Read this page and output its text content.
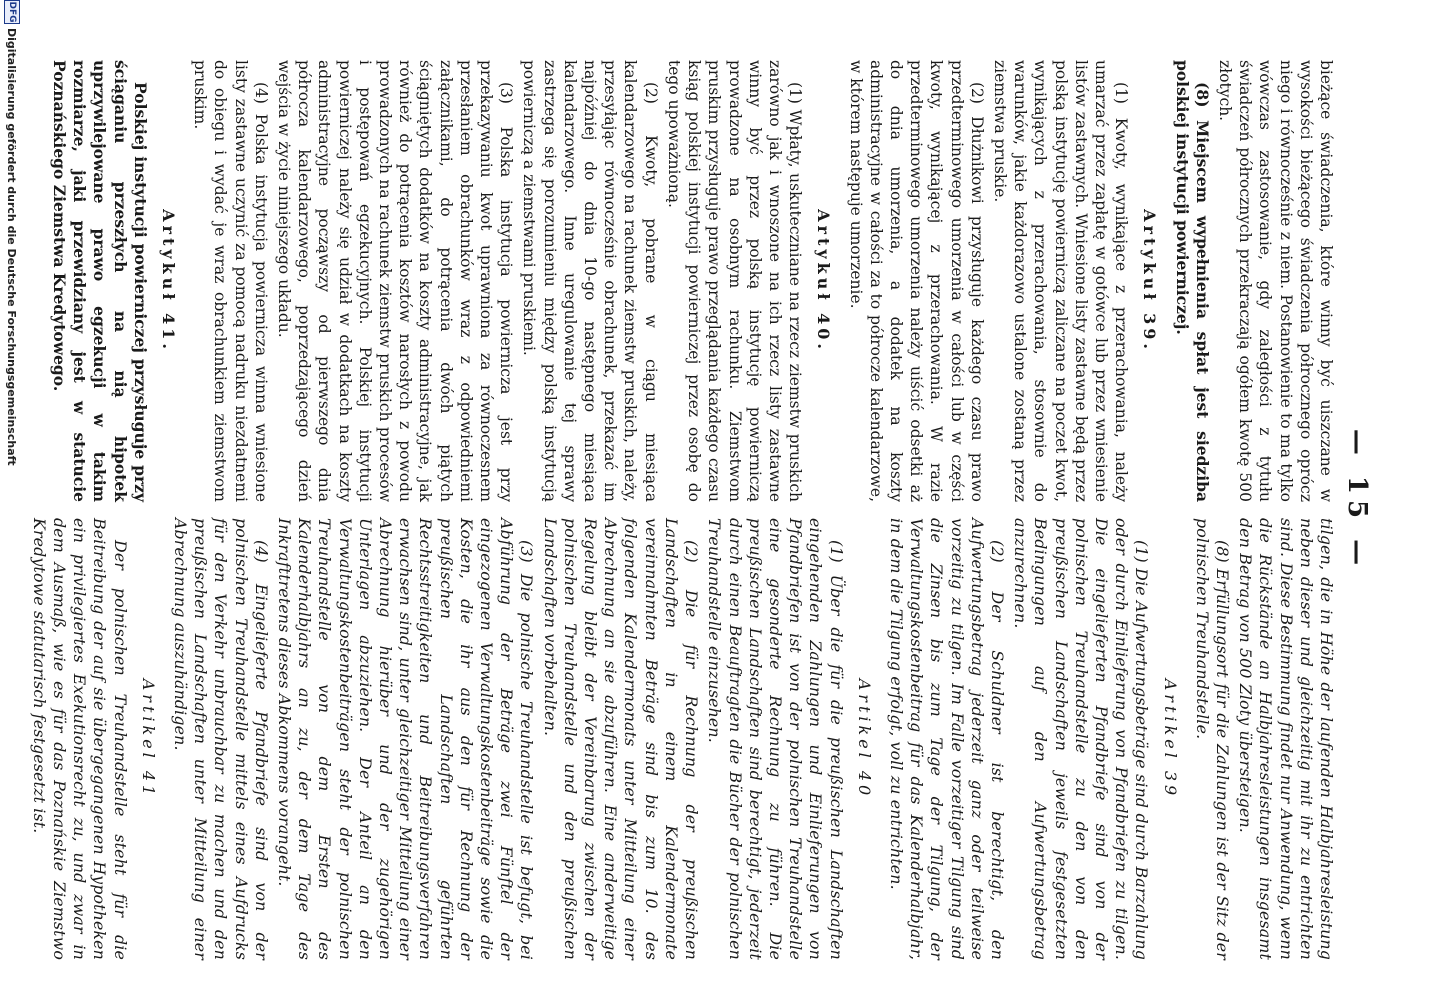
— 15 —

bieżące świadczenia, które winny być uiszczane w wysokości bieżącego świadczenia półrocznego oprócz niego i równocześnie z niem. Postanowienie to ma tylko wówczas zastosowanie, gdy zaległości z tytułu świadczeń półrocznych przekraczają ogółem kwotę 500 złotych.

(8) Miejscem wypełnienia spłat jest siedziba polskiej instytucji powierniczej.

Artykuł 39.

(1) Kwoty, wynikające z przerachowania, należy umarzać przez zapłatę w gotówce lub przez wniesienie listów zastawnych. Wniesione listy zastawne będą przez polską instytucję powierniczą zaliczane na poczet kwot, wynikających z przerachowania, stosownie do warunków, jakie każdorazowo ustalone zostaną przez ziemstwa pruskie.

(2) Dłużnikowi przysługuje każdego czasu prawo przedterminowego umorzenia w całości lub w części kwoty, wynikającej z przerachowania. W razie przedterminowego umorzenia należy uiścić odsetki aż do dnia umorzenia, a dodatek na koszty administracyjne w całości za to półrocze kalendarzowe, w którem następuje umorzenie.

Artykuł 40.

(1) Wpłaty, uskuteczniane na rzecz ziemstw pruskich zarówno jak i wnoszone na ich rzecz listy zastawne winny być przez polską instytucję powierniczą prowadzone na osobnym rachunku. Ziemstwom pruskim przysługuje prawo przeglądania każdego czasu ksiąg polskiej instytucji powierniczej przez osobę do tego upoważnioną.

(2) Kwoty, pobrane w ciągu miesiąca kalendarzowego na rachunek ziemstw pruskich, należy, przesyłając równocześnie obrachunek, przekazać im najpóźniej do dnia 10-go następnego miesiąca kalendarzowego. Inne uregulowanie tej sprawy zastrzega się porozumieniu między polską instytucją powierniczą a ziemstwami pruskiemi.

(3) Polska instytucja powiernicza jest przy przekazywaniu kwot uprawniona za równoczesnem przesłaniem obrachunków wraz z odpowiedniemi załącznikami, do potrącenia dwóch piątych ściągniętych dodatków na koszty administracyjne, jak również do potrącenia kosztów narosłych z powodu prowadzonych na rachunek ziemstw pruskich procesów i postępowań egzekucyjnych. Polskiej instytucji powierniczej należy się udział w dodatkach na koszty administracyjne począwszy od pierwszego dnia półrocza kalendarzowego, poprzedzającego dzień wejścia w życie niniejszego układu.

(4) Polska instytucja powiernicza winna wniesione listy zastawne uczynić za pomocą nadruku niezdatnemi do obiegu i wydać je wraz obrachunkiem ziemstwom pruskim.

Artykuł 41.

Polskiej instytucji powierniczej przysługuje przy ściąganiu przeszłych na nią hipotek uprzywilejowane prawo egzekucji w takim rozmiarze, jaki przewidziany jest w statucie Poznańskiego Ziemstwa Kredytowego.

tilgen, die in Höhe der laufenden Halbjahresleistung neben dieser und gleichzeitig mit ihr zu entrichten sind. Diese Bestimmung findet nur Anwendung, wenn die Rückstände an Halbjahresleistungen insgesamt den Betrag von 500 Zloty übersteigen.

(8) Erfüllungsort für die Zahlungen ist der Sitz der polnischen Treuhandstelle.

Artikel 39

(1) Die Aufwertungsbeträge sind durch Barzahlung oder durch Einlieferung von Pfandbriefen zu tilgen. Die eingelieferten Pfandbriefe sind von der polnischen Treuhandstelle zu den von den preußischen Landschaften jeweils festgesetzten Bedingungen auf den Aufwertungsbetrag anzurechnen.

(2) Der Schuldner ist berechtigt, den Aufwertungsbetrag jederzeit ganz oder teilweise vorzeitig zu tilgen. Im Falle vorzeitiger Tilgung sind die Zinsen bis zum Tage der Tilgung, der Verwaltungskostenbeitrag für das Kalenderhalbjahr, in dem die Tilgung erfolgt, voll zu entrichten.

Artikel 40

(1) Über die für die preußischen Landschaften eingehenden Zahlungen und Einlieferungen von Pfandbriefen ist von der polnischen Treuhandstelle eine gesonderte Rechnung zu führen. Die preußischen Landschaften sind berechtigt, jederzeit durch einen Beauftragten die Bücher der polnischen Treuhandstelle einzusehen.

(2) Die für Rechnung der preußischen Landschaften in einem Kalendermonate vereinnahmten Beträge sind bis zum 10. des folgenden Kalendermonats unter Mitteilung einer Abrechnung an sie abzuführen. Eine anderweitige Regelung bleibt der Vereinbarung zwischen der polnischen Treuhandstelle und den preußischen Landschaften vorbehalten.

(3) Die polnische Treuhandstelle ist befugt, bei Abführung der Beträge zwei Fünftel der eingezogenen Verwaltungskostenbeiträge sowie die Kosten, die ihr aus den für Rechnung der preußischen Landschaften geführten Rechtsstreitigkeiten und Beitreibungsverfahren erwachsen sind, unter gleichzeitiger Mitteilung einer Abrechnung hierüber und der zugehörigen Unterlagen abzuziehen. Der Anteil an den Verwaltungskostenbeiträgen steht der polnischen Treuhandstelle von dem Ersten des Kalenderhalbjahrs an zu, der dem Tage des Inkrafttretens dieses Abkommens vorangeht.

(4) Eingelieferte Pfandbriefe sind von der polnischen Treuhandstelle mittels eines Aufdrucks für den Verkehr unbrauchbar zu machen und den preußischen Landschaften unter Mitteilung einer Abrechnung auszuhändigen.

Artikel 41

Der polnischen Treuhandstelle steht für die Beitreibung der auf sie übergegangenen Hypotheken ein privilegiertes Exekutionsrecht zu, und zwar in dem Ausmaß, wie es für das Poznańskie Ziemstwo Kredytowe statutarisch festgesetzt ist.

DFG
Digitalisierung gefördert durch die Deutsche Forschungsgemeinschaft
